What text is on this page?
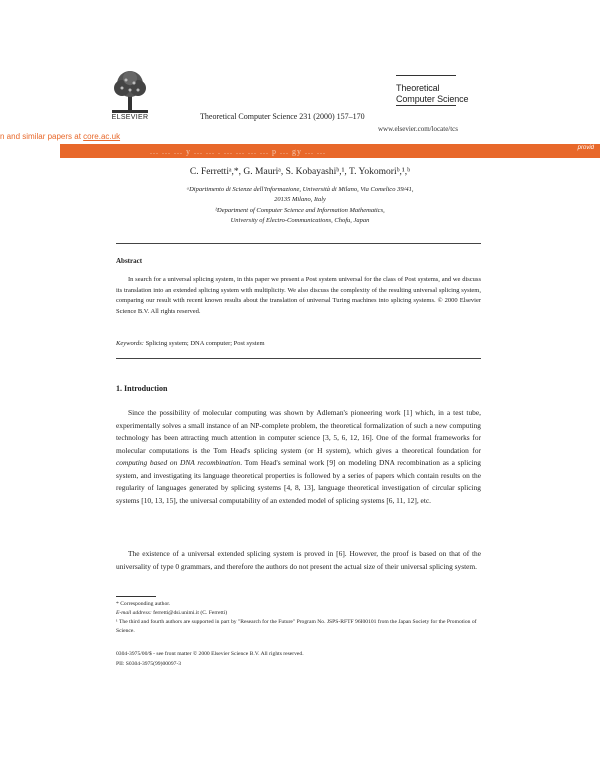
ELSEVIER	Theoretical Computer Science 231 (2000) 157–170
Theoretical
Computer Science
www.elsevier.com/locate/tcs
n and similar papers at core.ac.uk
... ... ... y ... ... . ... ... ... ... p ... gy ... ...	provid
C. Ferrettiᵃ,*, G. Mauriᵃ, S. Kobayashiᵇ,¹, T. Yokomoriᵇ,¹,ᵇ
ᵃDipartimento di Scienze dell'Informazione, Università di Milano, Via Comelico 39/41,
20135 Milano, Italy
ᵇDepartment of Computer Science and Information Mathematics,
University of Electro-Communications, Chofu, Japan
Abstract
In search for a universal splicing system, in this paper we present a Post system universal for the class of Post systems, and we discuss its translation into an extended splicing system with multiplicity. We also discuss the complexity of the resulting universal splicing system, comparing our result with recent known results about the translation of universal Turing machines into splicing systems. © 2000 Elsevier Science B.V. All rights reserved.
Keywords: Splicing system; DNA computer; Post system
1. Introduction
Since the possibility of molecular computing was shown by Adleman's pioneering work [1] which, in a test tube, experimentally solves a small instance of an NP-complete problem, the theoretical formalization of such a new computing technology has been attracting much attention in computer science [3, 5, 6, 12, 16]. One of the formal frameworks for molecular computations is the Tom Head's splicing system (or H system), which gives a theoretical foundation for computing based on DNA recombination. Tom Head's seminal work [9] on modeling DNA recombination as a splicing system, and investigating its language theoretical properties is followed by a series of papers which contain results on the regularity of languages generated by splicing systems [4, 8, 13], language theoretical investigation of circular splicing systems [10, 13, 15], the universal computability of an extended model of splicing systems [6, 11, 12], etc.
The existence of a universal extended splicing system is proved in [6]. However, the proof is based on that of the universality of type 0 grammars, and therefore the authors do not present the actual size of their universal splicing system.
* Corresponding author.
E-mail address: ferretti@dsi.unimi.it (C. Ferretti)
¹ The third and fourth authors are supported in part by "Research for the Future" Program No. JSPS-RFTF 96I00101 from the Japan Society for the Promotion of Science.
0304-3975/00/$ - see front matter © 2000 Elsevier Science B.V. All rights reserved.
PII: S0304-3975(99)00097-3
